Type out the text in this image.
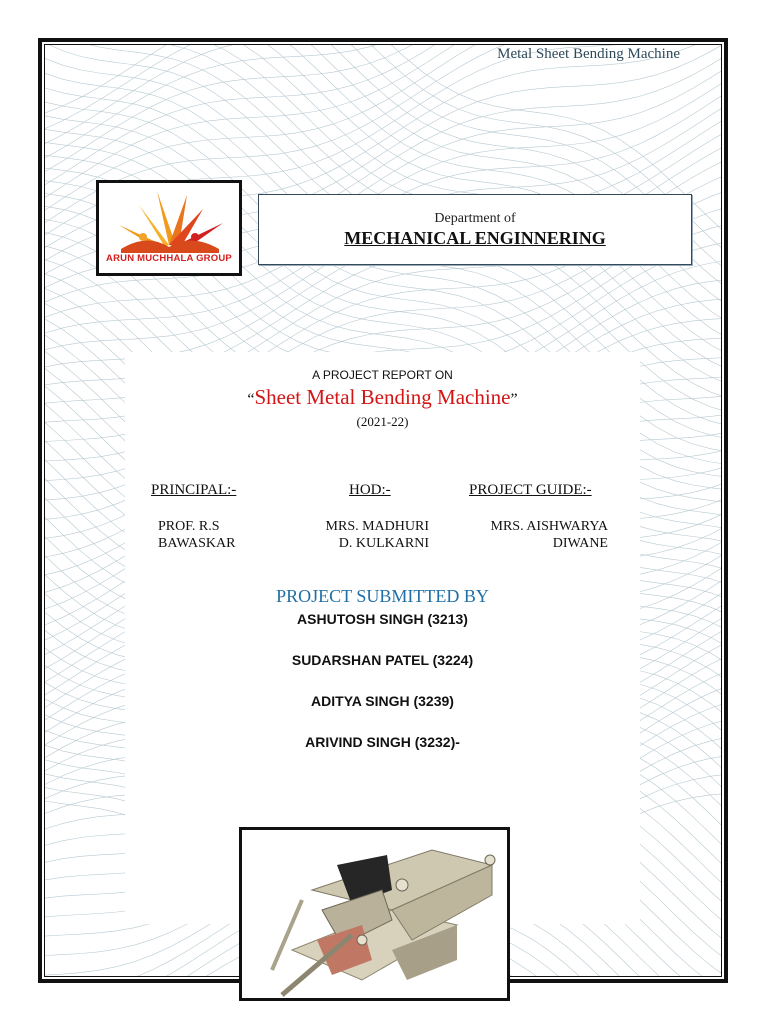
Metal Sheet Bending Machine
ARUN MUCHHALA GROUP
Department of
MECHANICAL ENGINNERING
A PROJECT REPORT ON
“Sheet Metal Bending Machine”
(2021-22)
PRINCIPAL:-	HOD:-	PROJECT GUIDE:-
PROF. R.S
BAWASKAR
MRS. MADHURI
D. KULKARNI
MRS. AISHWARYA
DIWANE
PROJECT SUBMITTED BY
ASHUTOSH SINGH (3213)
SUDARSHAN PATEL (3224)
ADITYA SINGH (3239)
ARIVIND SINGH (3232)-
